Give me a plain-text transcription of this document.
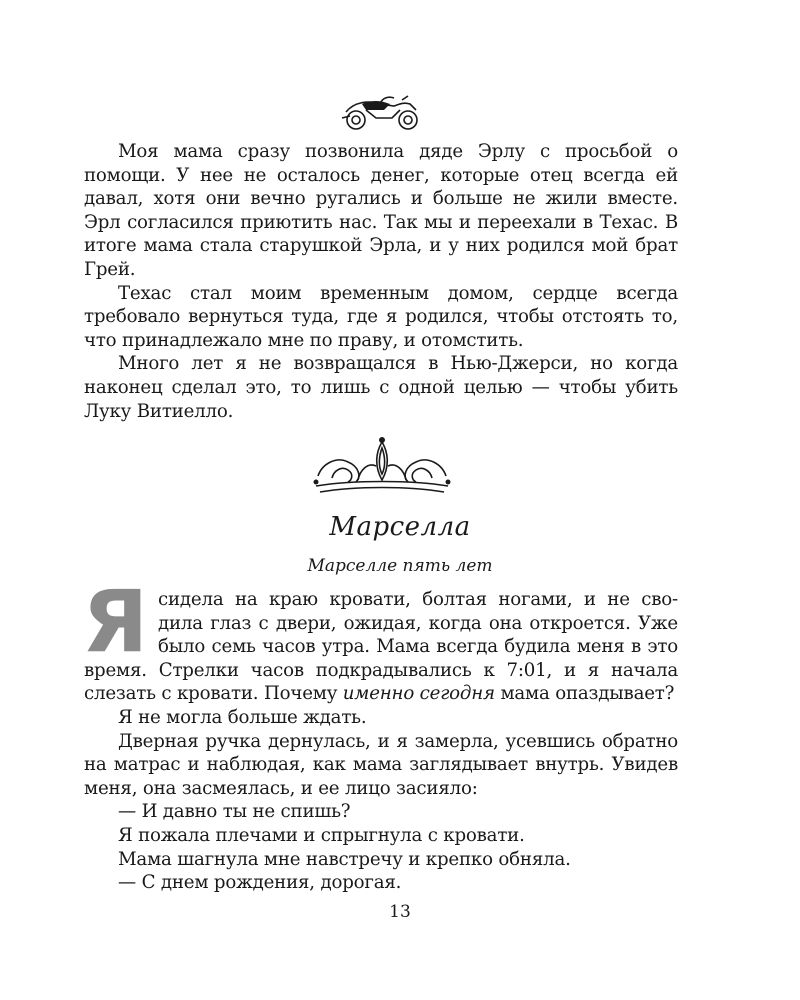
Моя мама сразу позвонила дяде Эрлу с просьбой о помощи. У нее не осталось денег, которые отец всегда ей давал, хотя они вечно ругались и больше не жили вместе. Эрл согласился приютить нас. Так мы и переехали в Техас. В итоге мама стала старушкой Эрла, и у них родился мой брат Грей.

Техас стал моим временным домом, сердце всегда требовало вернуться туда, где я родился, чтобы отстоять то, что принадлежало мне по праву, и отомстить.

Много лет я не возвращался в Нью-Джерси, но когда наконец сделал это, то лишь с одной целью — чтобы убить Луку Витиелло.

Марселла
Марселле пять лет
Я сидела на краю кровати, болтая ногами, и не сво-
дила глаз с двери, ожидая, когда она откроется. Уже
было семь часов утра. Мама всегда будила меня в это
время. Стрелки часов подкрадывались к 7:01, и я начала слезать с кровати. Почему именно сегодня мама опаздывает?

Я не могла больше ждать.

Дверная ручка дернулась, и я замерла, усевшись обратно на матрас и наблюдая, как мама заглядывает внутрь. Увидев меня, она засмеялась, и ее лицо засияло:

— И давно ты не спишь?

Я пожала плечами и спрыгнула с кровати.

Мама шагнула мне навстречу и крепко обняла.

— С днем рождения, дорогая.

13
